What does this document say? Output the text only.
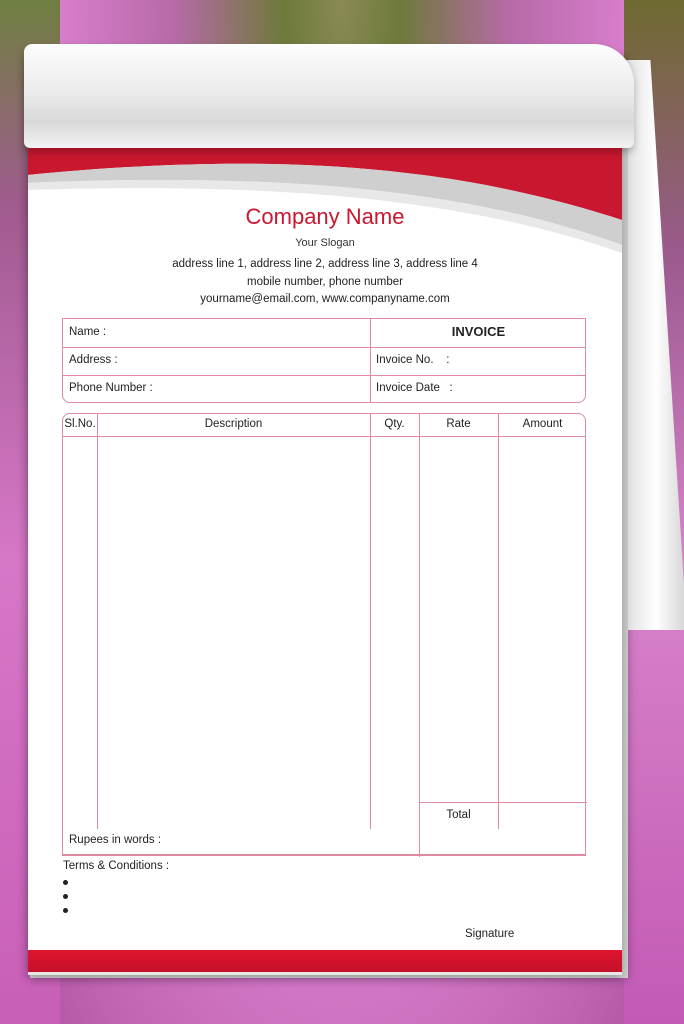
Company Name
Your Slogan
address line 1, address line 2, address line 3, address line 4
mobile number, phone number
yourname@email.com, www.companyname.com
Name :	INVOICE
Address :	Invoice No.    :
Phone Number :	Invoice Date   :
Sl.No.	Description	Qty.	Rate	Amount
Total
Rupees in words :
Terms & Conditions :
Signature
